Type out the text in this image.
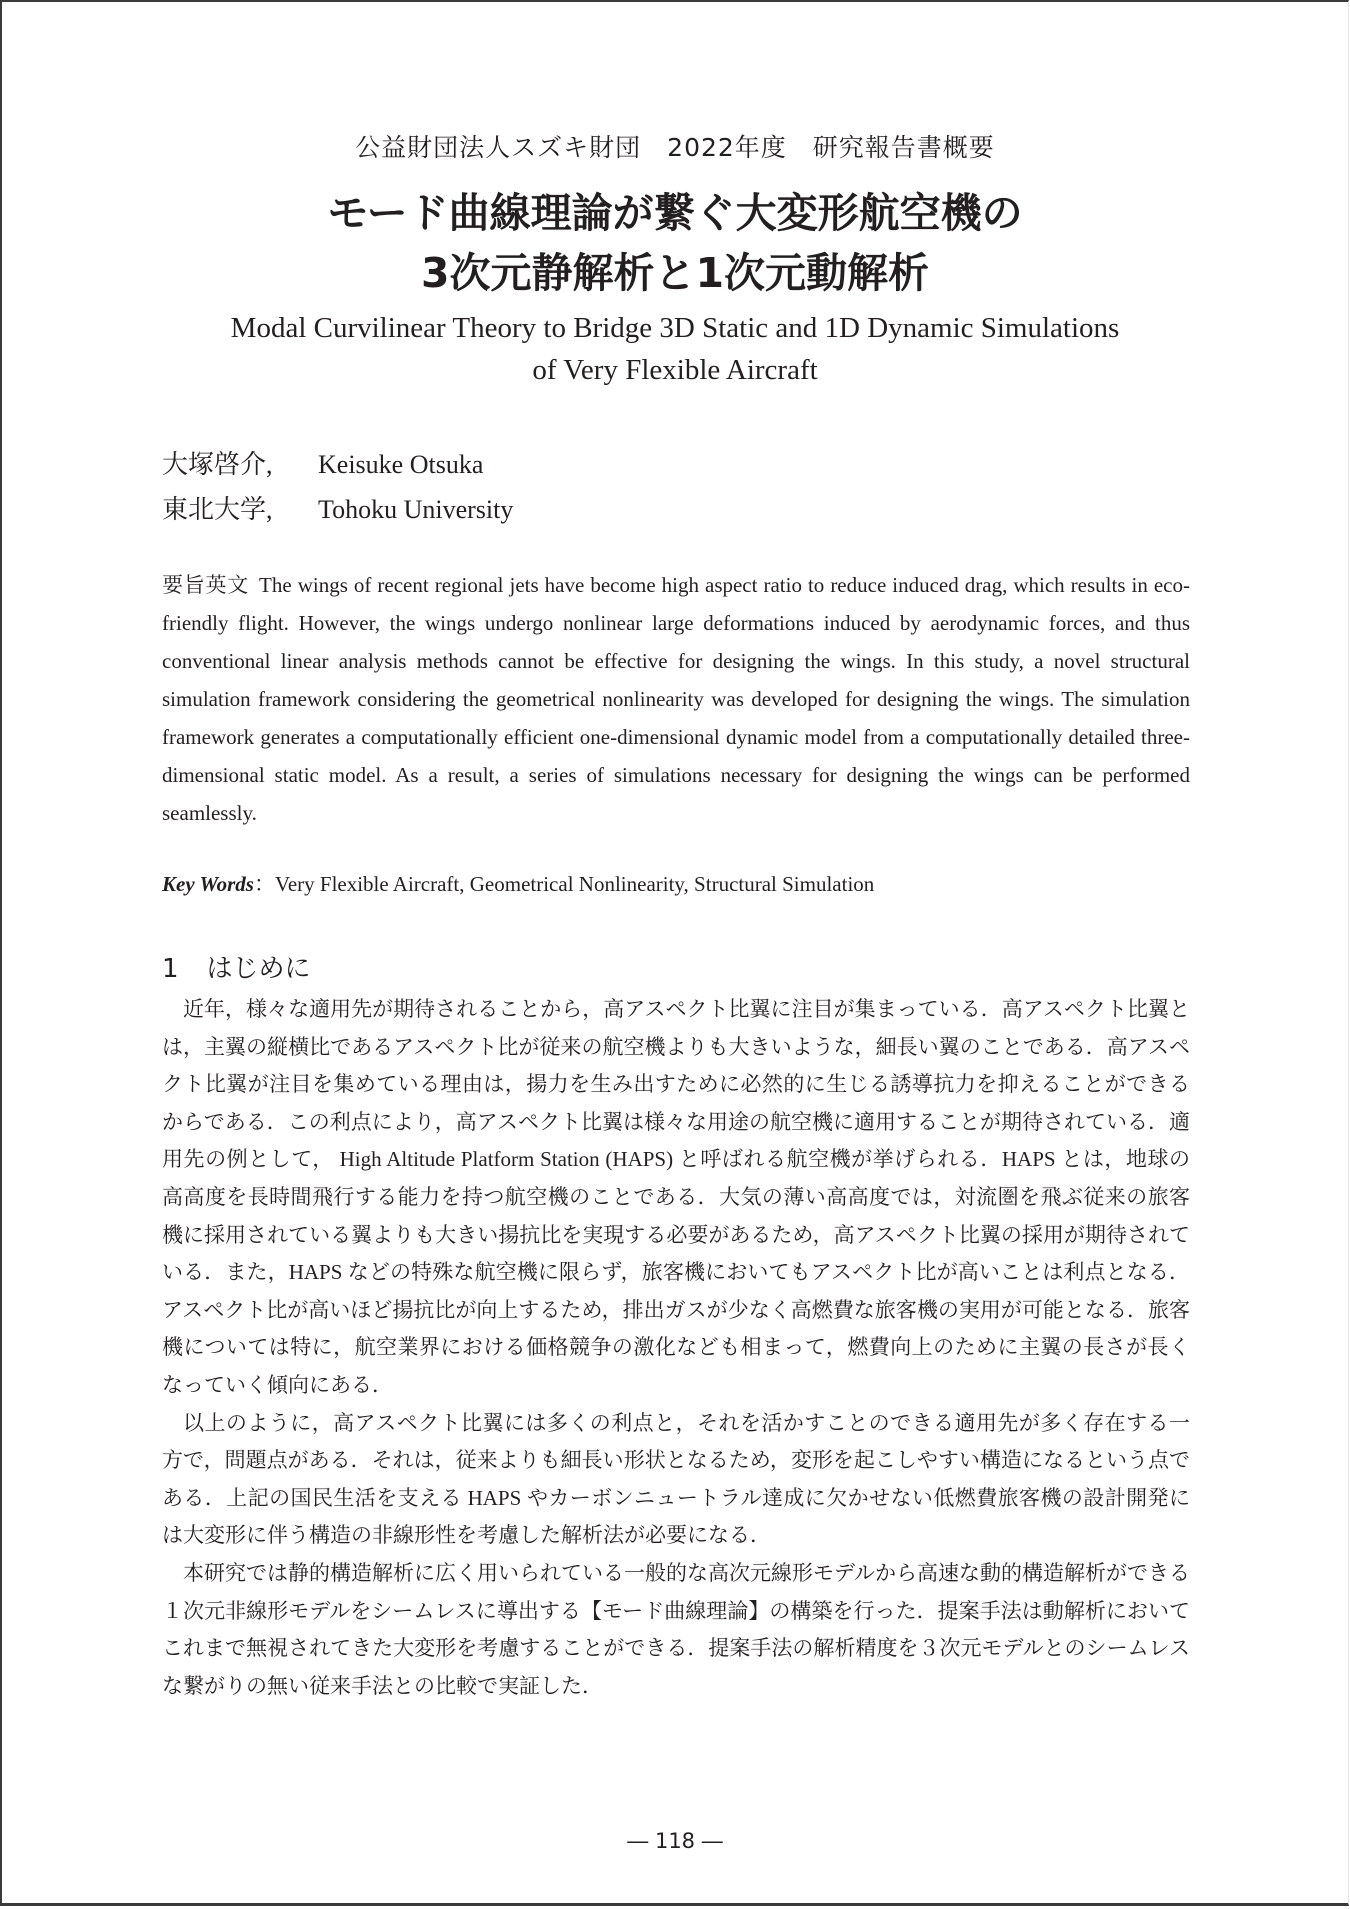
公益財団法人スズキ財団　2022年度　研究報告書概要
モード曲線理論が繋ぐ大変形航空機の
3次元静解析と1次元動解析
Modal Curvilinear Theory to Bridge 3D Static and 1D Dynamic Simulations
of Very Flexible Aircraft
大塚啓介, Keisuke Otsuka
東北大学, Tohoku University
要旨英文 The wings of recent regional jets have become high aspect ratio to reduce induced drag, which results in eco-friendly flight. However, the wings undergo nonlinear large deformations induced by aerodynamic forces, and thus conventional linear analysis methods cannot be effective for designing the wings. In this study, a novel structural simulation framework considering the geometrical nonlinearity was developed for designing the wings. The simulation framework generates a computationally efficient one-dimensional dynamic model from a computationally detailed three-dimensional static model. As a result, a series of simulations necessary for designing the wings can be performed seamlessly.
Key Words：Very Flexible Aircraft, Geometrical Nonlinearity, Structural Simulation
1 はじめに

近年，様々な適用先が期待されることから，高アスペクト比翼に注目が集まっている．高アスペクト比翼とは，主翼の縦横比であるアスペクト比が従来の航空機よりも大きいような，細長い翼のことである．高アスペクト比翼が注目を集めている理由は，揚力を生み出すために必然的に生じる誘導抗力を抑えることができるからである．この利点により，高アスペクト比翼は様々な用途の航空機に適用することが期待されている．適用先の例として， High Altitude Platform Station (HAPS) と呼ばれる航空機が挙げられる．HAPS とは，地球の高高度を長時間飛行する能力を持つ航空機のことである．大気の薄い高高度では，対流圏を飛ぶ従来の旅客機に採用されている翼よりも大きい揚抗比を実現する必要があるため，高アスペクト比翼の採用が期待されている．また，HAPS などの特殊な航空機に限らず，旅客機においてもアスペクト比が高いことは利点となる．アスペクト比が高いほど揚抗比が向上するため，排出ガスが少なく高燃費な旅客機の実用が可能となる．旅客機については特に，航空業界における価格競争の激化なども相まって，燃費向上のために主翼の長さが長くなっていく傾向にある．

以上のように，高アスペクト比翼には多くの利点と，それを活かすことのできる適用先が多く存在する一方で，問題点がある．それは，従来よりも細長い形状となるため，変形を起こしやすい構造になるという点である．上記の国民生活を支える HAPS やカーボンニュートラル達成に欠かせない低燃費旅客機の設計開発には大変形に伴う構造の非線形性を考慮した解析法が必要になる．

本研究では静的構造解析に広く用いられている一般的な高次元線形モデルから高速な動的構造解析ができる１次元非線形モデルをシームレスに導出する【モード曲線理論】の構築を行った．提案手法は動解析においてこれまで無視されてきた大変形を考慮することができる．提案手法の解析精度を３次元モデルとのシームレスな繋がりの無い従来手法との比較で実証した．

― 118 ―
